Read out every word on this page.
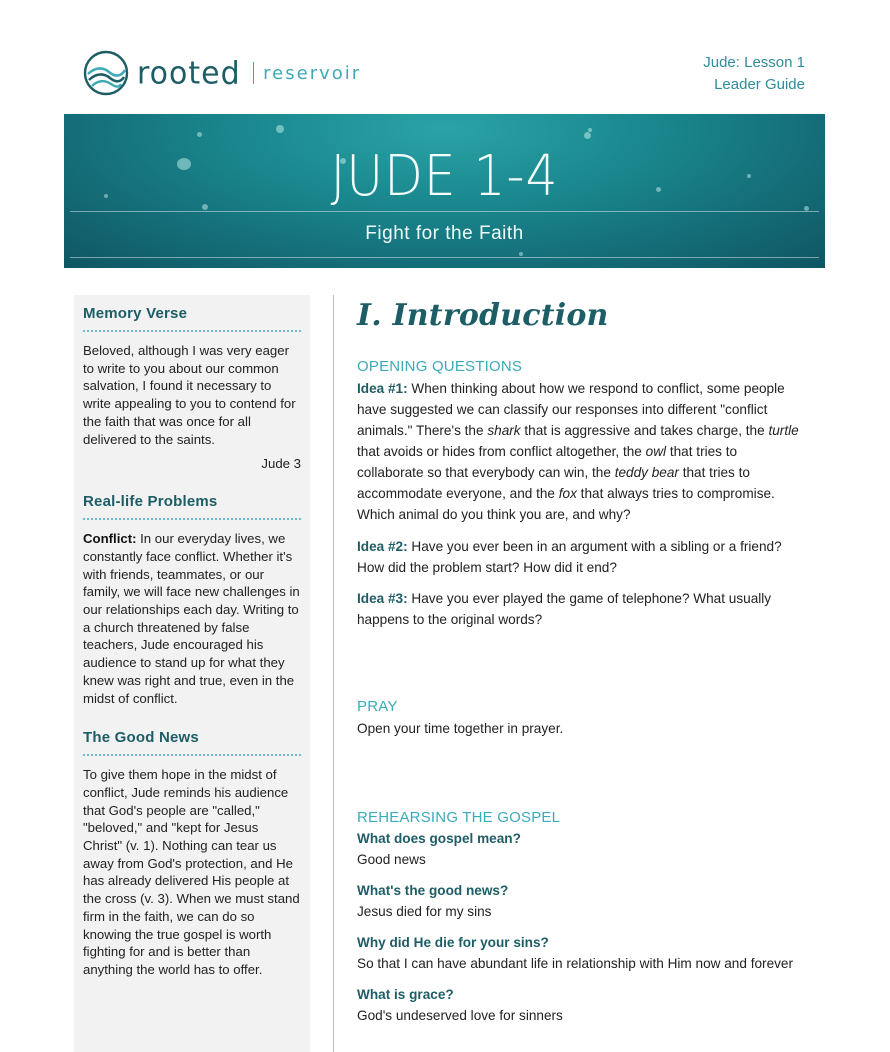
rooted reservoir	Jude: Lesson 1
Leader Guide
JUDE 1-4
Fight for the Faith
Memory Verse

Beloved, although I was very eager to write to you about our common salvation, I found it necessary to write appealing to you to contend for the faith that was once for all delivered to the saints.

Jude 3
Real-life Problems

Conflict: In our everyday lives, we constantly face conflict. Whether it's with friends, teammates, or our family, we will face new challenges in our relationships each day. Writing to a church threatened by false teachers, Jude encouraged his audience to stand up for what they knew was right and true, even in the midst of conflict.

The Good News

To give them hope in the midst of conflict, Jude reminds his audience that God's people are "called," "beloved," and "kept for Jesus Christ" (v. 1). Nothing can tear us away from God's protection, and He has already delivered His people at the cross (v. 3). When we must stand firm in the faith, we can do so knowing the true gospel is worth fighting for and is better than anything the world has to offer.

I. Introduction
OPENING QUESTIONS

Idea #1: When thinking about how we respond to conflict, some people have suggested we can classify our responses into different "conflict animals." There's the shark that is aggressive and takes charge, the turtle that avoids or hides from conflict altogether, the owl that tries to collaborate so that everybody can win, the teddy bear that tries to accommodate everyone, and the fox that always tries to compromise. Which animal do you think you are, and why?

Idea #2: Have you ever been in an argument with a sibling or a friend? How did the problem start? How did it end?

Idea #3: Have you ever played the game of telephone? What usually happens to the original words?

PRAY

Open your time together in prayer.

REHEARSING THE GOSPEL
What does gospel mean?
Good news
What's the good news?
Jesus died for my sins
Why did He die for your sins?
So that I can have abundant life in relationship with Him now and forever
What is grace?
God's undeserved love for sinners
